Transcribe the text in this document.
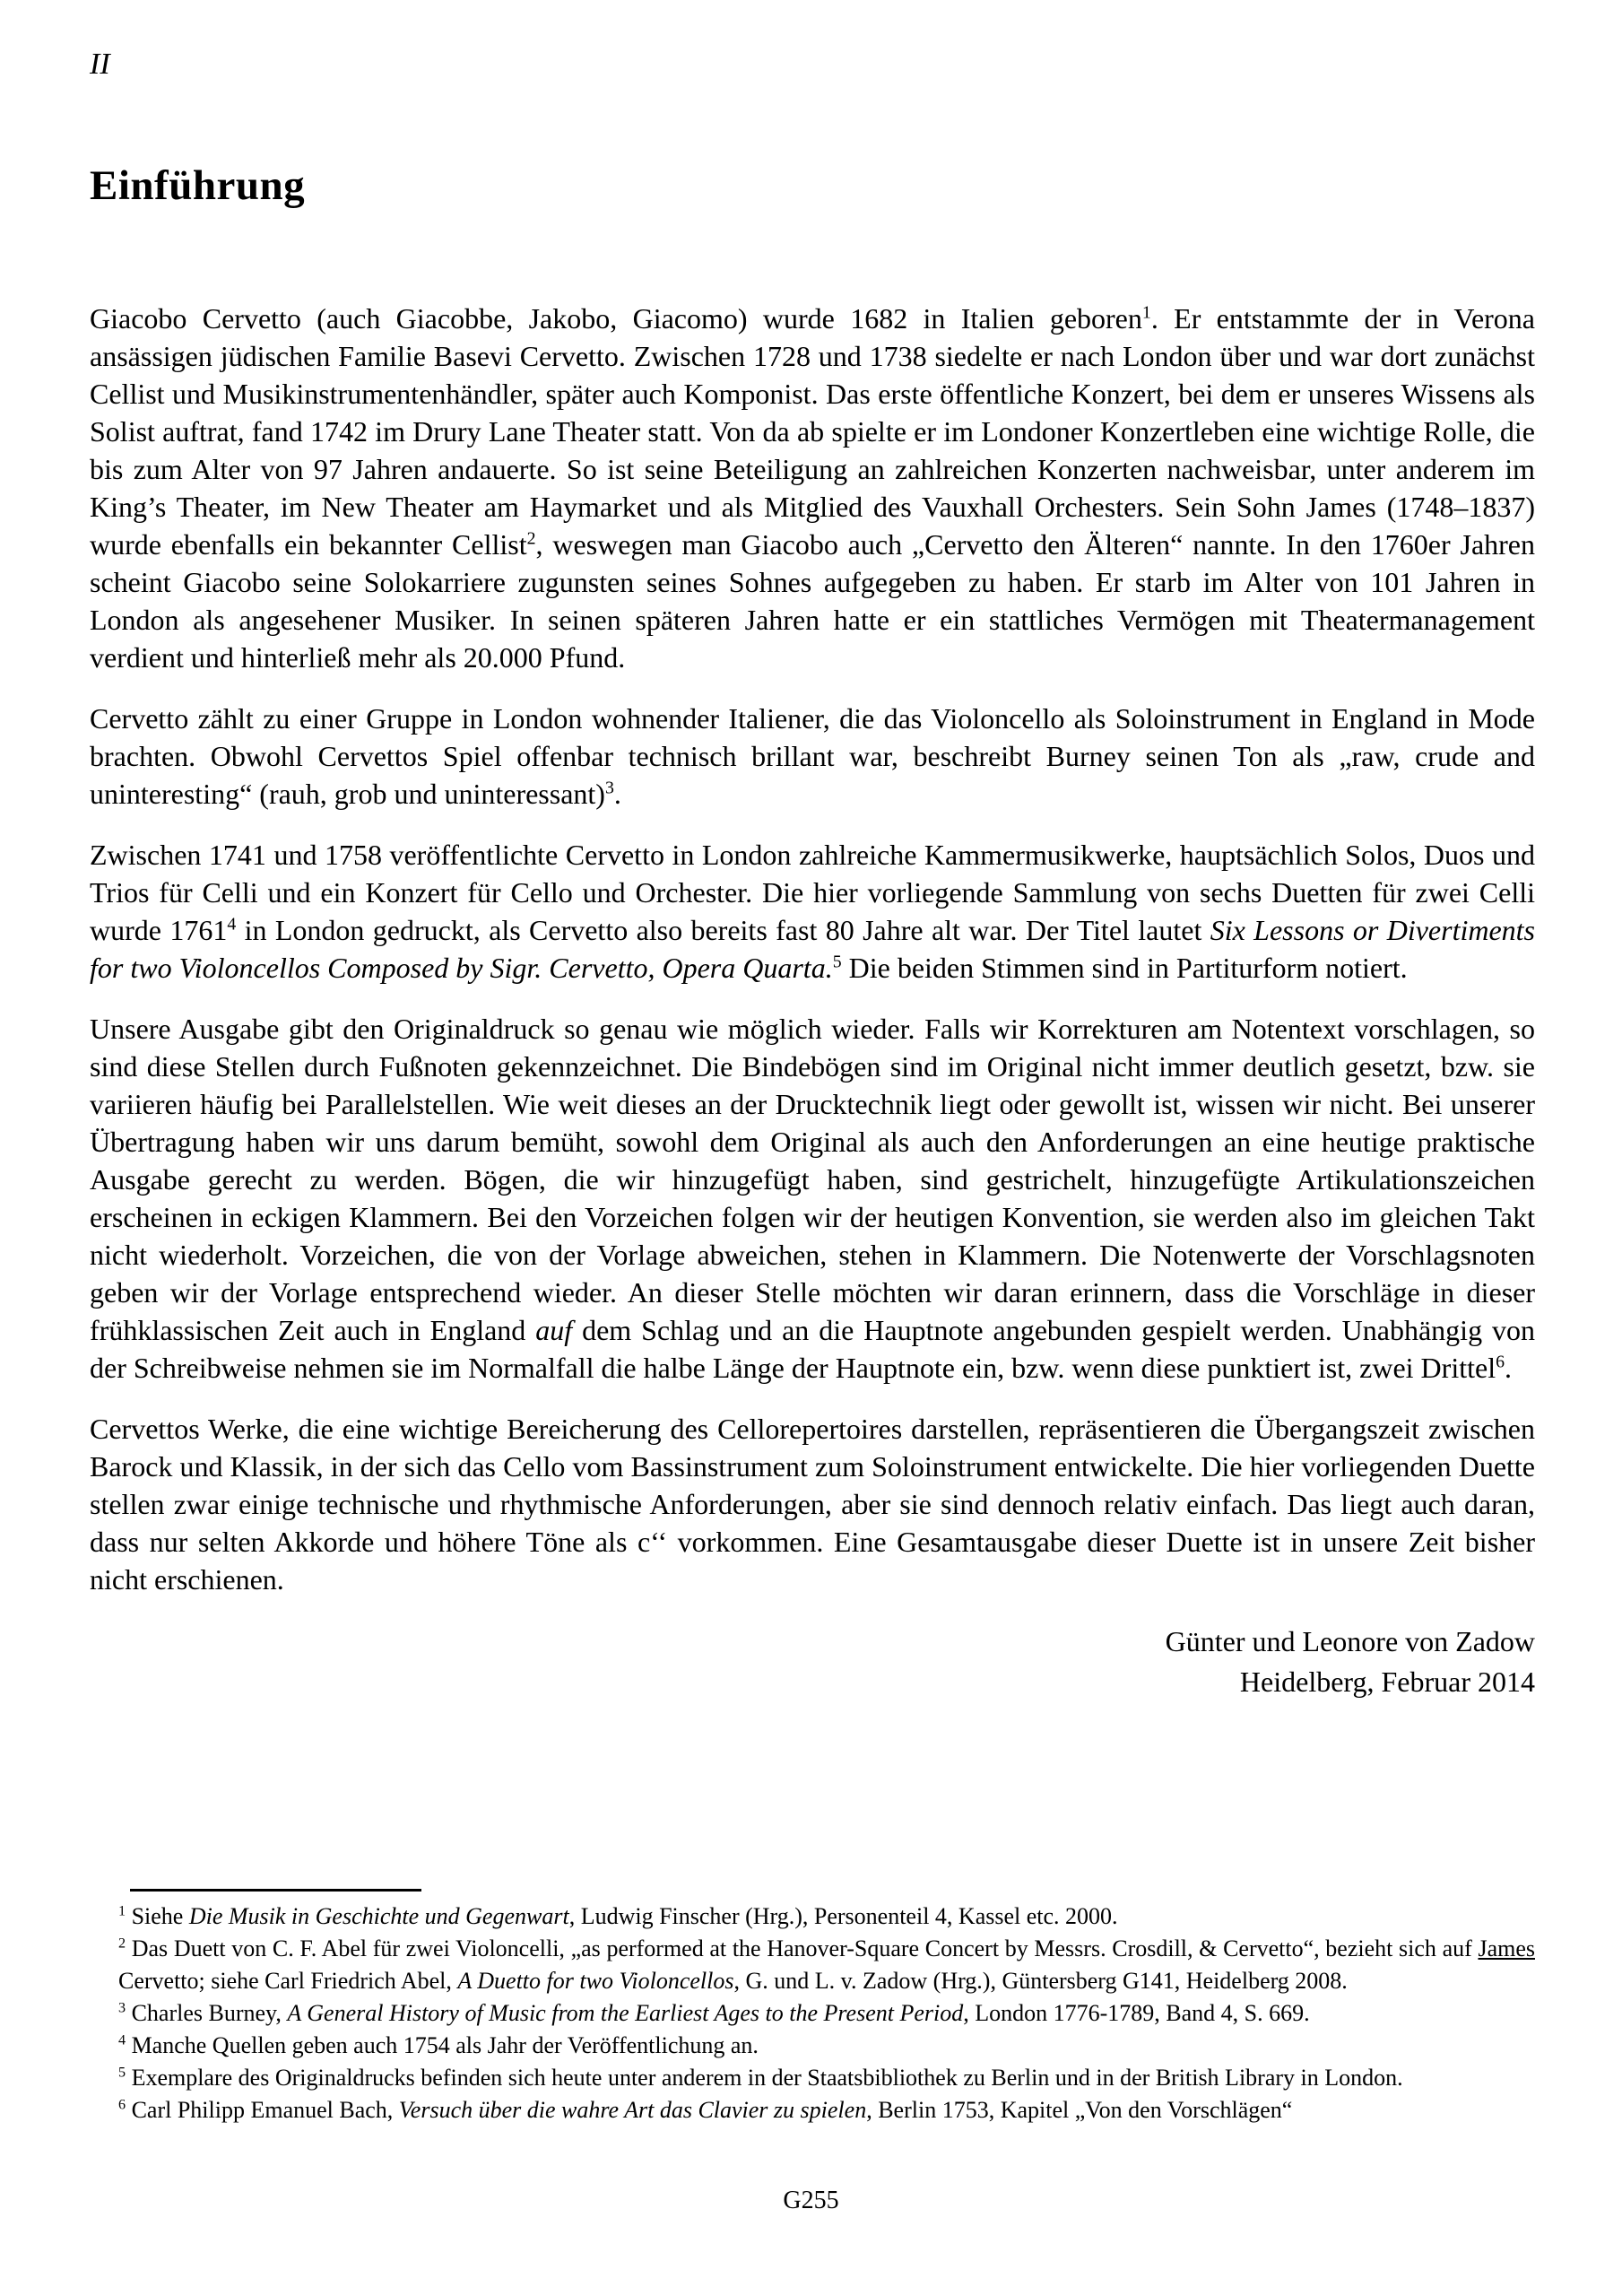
II
Einführung

Giacobo Cervetto (auch Giacobbe, Jakobo, Giacomo) wurde 1682 in Italien geboren$^1$. Er entstammte der in Verona ansässigen jüdischen Familie Basevi Cervetto. Zwischen 1728 und 1738 siedelte er nach London über und war dort zunächst Cellist und Musikinstrumentenhändler, später auch Komponist. Das erste öffentliche Konzert, bei dem er unseres Wissens als Solist auftrat, fand 1742 im Drury Lane Theater statt. Von da ab spielte er im Londoner Konzertleben eine wichtige Rolle, die bis zum Alter von 97 Jahren andauerte. So ist seine Beteiligung an zahlreichen Konzerten nachweisbar, unter anderem im King’s Theater, im New Theater am Haymarket und als Mitglied des Vauxhall Orchesters. Sein Sohn James (1748–1837) wurde ebenfalls ein bekannter Cellist$^2$, weswegen man Giacobo auch „Cervetto den Älteren“ nannte. In den 1760er Jahren scheint Giacobo seine Solokarriere zugunsten seines Sohnes aufgegeben zu haben. Er starb im Alter von 101 Jahren in London als angesehener Musiker. In seinen späteren Jahren hatte er ein stattliches Vermögen mit Theatermanagement verdient und hinterließ mehr als 20.000 Pfund.

Cervetto zählt zu einer Gruppe in London wohnender Italiener, die das Violoncello als Soloinstrument in England in Mode brachten. Obwohl Cervettos Spiel offenbar technisch brillant war, beschreibt Burney seinen Ton als „raw, crude and uninteresting“ (rauh, grob und uninteressant)$^3$.

Zwischen 1741 und 1758 veröffentlichte Cervetto in London zahlreiche Kammermusikwerke, hauptsächlich Solos, Duos und Trios für Celli und ein Konzert für Cello und Orchester. Die hier vorliegende Sammlung von sechs Duetten für zwei Celli wurde 1761$^4$ in London gedruckt, als Cervetto also bereits fast 80 Jahre alt war. Der Titel lautet Six Lessons or Divertiments for two Violoncellos Composed by Sigr. Cervetto, Opera Quarta.$^5$ Die beiden Stimmen sind in Partiturform notiert.

Unsere Ausgabe gibt den Originaldruck so genau wie möglich wieder. Falls wir Korrekturen am Notentext vorschlagen, so sind diese Stellen durch Fußnoten gekennzeichnet. Die Bindebögen sind im Original nicht immer deutlich gesetzt, bzw. sie variieren häufig bei Parallelstellen. Wie weit dieses an der Drucktechnik liegt oder gewollt ist, wissen wir nicht. Bei unserer Übertragung haben wir uns darum bemüht, sowohl dem Original als auch den Anforderungen an eine heutige praktische Ausgabe gerecht zu werden. Bögen, die wir hinzugefügt haben, sind gestrichelt, hinzugefügte Artikulationszeichen erscheinen in eckigen Klammern. Bei den Vorzeichen folgen wir der heutigen Konvention, sie werden also im gleichen Takt nicht wiederholt. Vorzeichen, die von der Vorlage abweichen, stehen in Klammern. Die Notenwerte der Vorschlagsnoten geben wir der Vorlage entsprechend wieder. An dieser Stelle möchten wir daran erinnern, dass die Vorschläge in dieser frühklassischen Zeit auch in England auf dem Schlag und an die Hauptnote angebunden gespielt werden. Unabhängig von der Schreibweise nehmen sie im Normalfall die halbe Länge der Hauptnote ein, bzw. wenn diese punktiert ist, zwei Drittel$^6$.

Cervettos Werke, die eine wichtige Bereicherung des Cellorepertoires darstellen, repräsentieren die Übergangszeit zwischen Barock und Klassik, in der sich das Cello vom Bassinstrument zum Soloinstrument entwickelte. Die hier vorliegenden Duette stellen zwar einige technische und rhythmische Anforderungen, aber sie sind dennoch relativ einfach. Das liegt auch daran, dass nur selten Akkorde und höhere Töne als c‘‘ vorkommen. Eine Gesamtausgabe dieser Duette ist in unsere Zeit bisher nicht erschienen.

Günter und Leonore von Zadow
Heidelberg, Februar 2014
$^1$ Siehe Die Musik in Geschichte und Gegenwart, Ludwig Finscher (Hrg.), Personenteil 4, Kassel etc. 2000.
$^2$ Das Duett von C. F. Abel für zwei Violoncelli, „as performed at the Hanover-Square Concert by Messrs. Crosdill, & Cervetto“, bezieht sich auf James Cervetto; siehe Carl Friedrich Abel, A Duetto for two Violoncellos, G. und L. v. Zadow (Hrg.), Güntersberg G141, Heidelberg 2008.
$^3$ Charles Burney, A General History of Music from the Earliest Ages to the Present Period, London 1776-1789, Band 4, S. 669.
$^4$ Manche Quellen geben auch 1754 als Jahr der Veröffentlichung an.
$^5$ Exemplare des Originaldrucks befinden sich heute unter anderem in der Staatsbibliothek zu Berlin und in der British Library in London.
$^6$ Carl Philipp Emanuel Bach, Versuch über die wahre Art das Clavier zu spielen, Berlin 1753, Kapitel „Von den Vorschlägen“
G255
